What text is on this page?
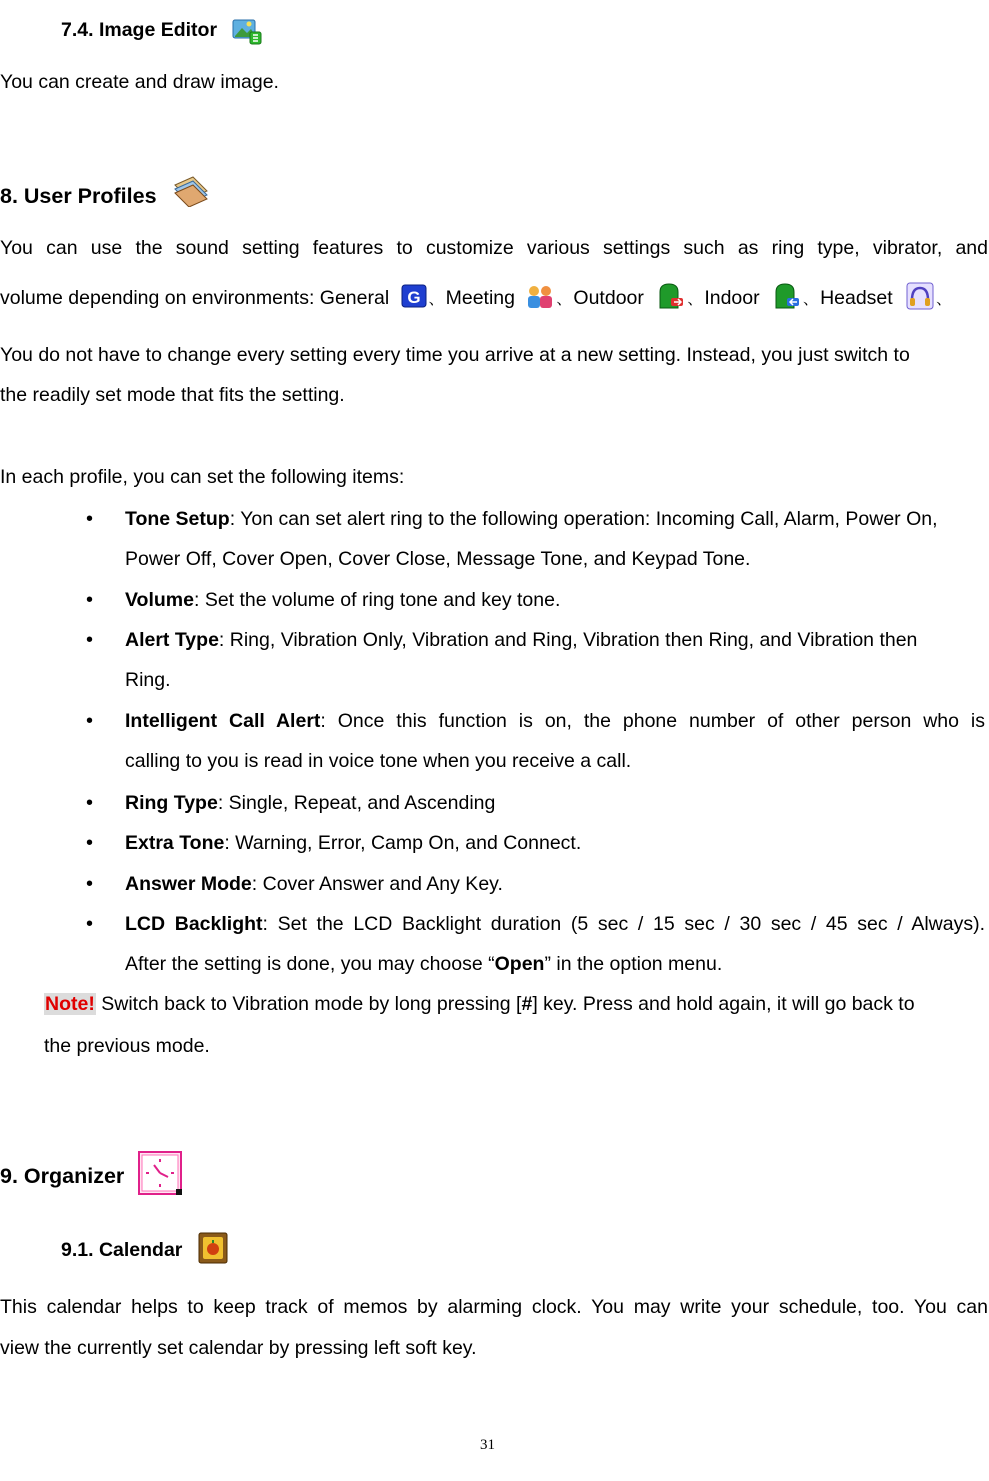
7.4. Image Editor
You can create and draw image.
8. User Profiles
You can use the sound setting features to customize various settings such as ring type, vibrator, and
volume depending on environments: General G 、 Meeting	、 Outdoor	、 Indoor	、 Headset	、
You do not have to change every setting every time you arrive at a new setting. Instead, you just switch to
the readily set mode that fits the setting.
In each profile, you can set the following items:
• Tone Setup: Yon can set alert ring to the following operation: Incoming Call, Alarm, Power On,
Power Off, Cover Open, Cover Close, Message Tone, and Keypad Tone.
• Volume: Set the volume of ring tone and key tone.
• Alert Type: Ring, Vibration Only, Vibration and Ring, Vibration then Ring, and Vibration then
Ring.
• Intelligent Call Alert: Once this function is on, the phone number of other person who is
calling to you is read in voice tone when you receive a call.
• Ring Type: Single, Repeat, and Ascending
• Extra Tone: Warning, Error, Camp On, and Connect.
• Answer Mode: Cover Answer and Any Key.
• LCD Backlight: Set the LCD Backlight duration (5 sec / 15 sec / 30 sec / 45 sec / Always).
After the setting is done, you may choose “Open” in the option menu.
Note! Switch back to Vibration mode by long pressing [#] key. Press and hold again, it will go back to
the previous mode.
9. Organizer
9.1. Calendar
This calendar helps to keep track of memos by alarming clock. You may write your schedule, too. You can
view the currently set calendar by pressing left soft key.
31
